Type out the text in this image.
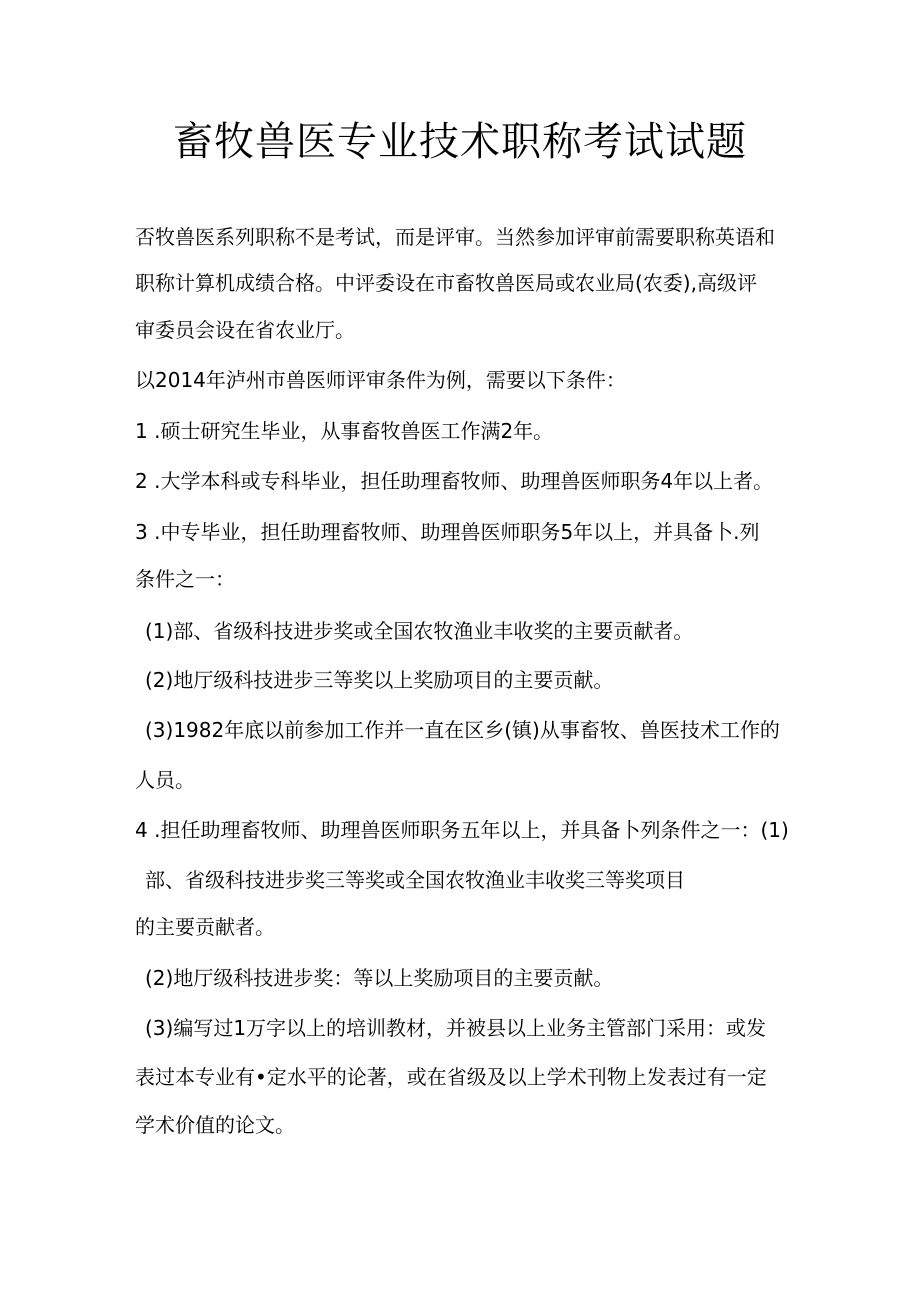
畜牧兽医专业技术职称考试试题
否牧兽医系列职称不是考试，而是评审。当然参加评审前需要职称英语和
职称计算机成绩合格。中评委设在市畜牧兽医局或农业局(农委),高级评
审委员会设在省农业厅。
以2014年泸州市兽医师评审条件为例，需要以下条件：
1 .硕士研究生毕业，从事畜牧兽医工作满2年。
2 .大学本科或专科毕业，担任助理畜牧师、助理兽医师职务4年以上者。
3 .中专毕业，担任助理畜牧师、助理兽医师职务5年以上，并具备卜.列
条件之一：
(1)部、省级科技进步奖或全国农牧渔业丰收奖的主要贡献者。
(2)地厅级科技进步三等奖以上奖励项目的主要贡献。
(3)1982年底以前参加工作并一直在区乡(镇)从事畜牧、兽医技术工作的
人员。
4 .担任助理畜牧师、助理兽医师职务五年以上，并具备卜列条件之一：(1)
部、省级科技进步奖三等奖或全国农牧渔业丰收奖三等奖项目
的主要贡献者。
(2)地厅级科技进步奖：等以上奖励项目的主要贡献。
(3)编写过1万字以上的培训教材，并被县以上业务主管部门采用：或发
表过本专业有•定水平的论著，或在省级及以上学术刊物上发表过有一定
学术价值的论文。
